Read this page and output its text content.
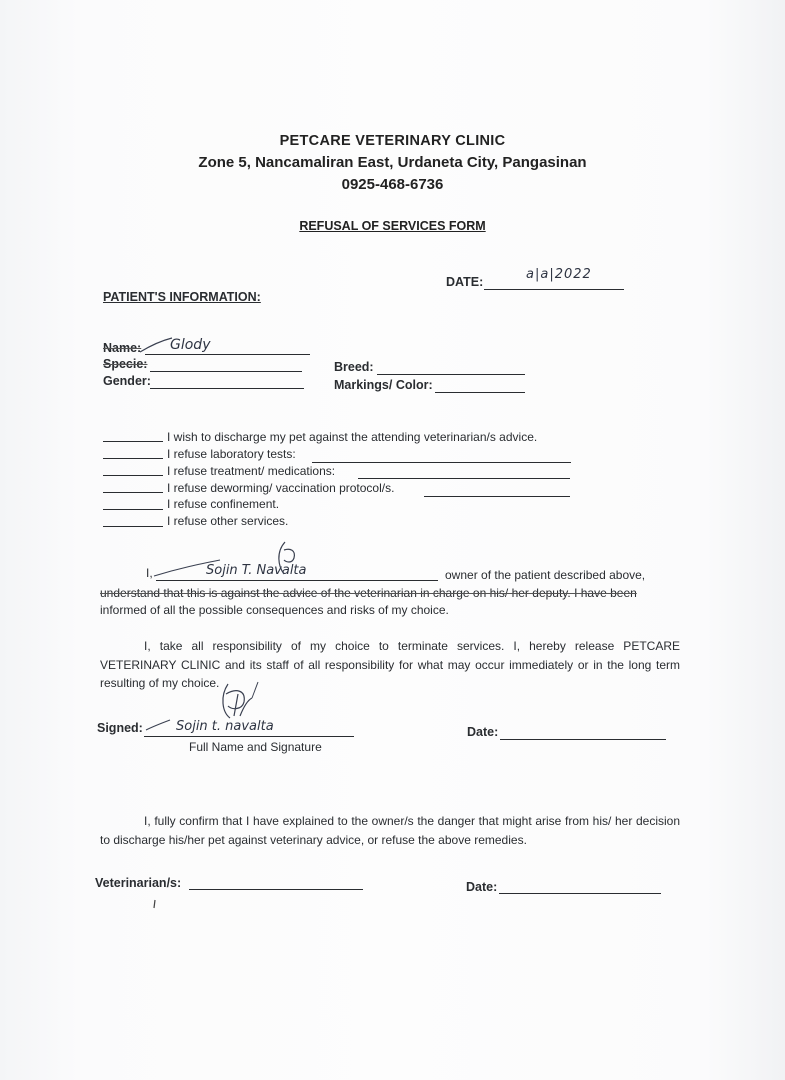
PETCARE VETERINARY CLINIC
Zone 5, Nancamaliran East, Urdaneta City, Pangasinan
0925-468-6736
REFUSAL OF SERVICES FORM
DATE:	a|a|2022
PATIENT'S INFORMATION:
Name: Glody
Specie:	Breed:
Gender:	Markings/ Color:
I wish to discharge my pet against the attending veterinarian/s advice.
I refuse laboratory tests:
I refuse treatment/ medications:
I refuse deworming/ vaccination protocol/s.
I refuse confinement.
I refuse other services.
I,	Sojin T. Navalta	owner of the patient described above,
understand that this is against the advice of the veterinarian in charge on his/ her deputy. I have been
informed of all the possible consequences and risks of my choice.
I, take all responsibility of my choice to terminate services. I, hereby release PETCARE VETERINARY CLINIC and its staff of all responsibility for what may occur immediately or in the long term resulting of my choice.
Signed:	Sojin t. navalta
Full Name and Signature
Date:
I, fully confirm that I have explained to the owner/s the danger that might arise from his/ her decision to discharge his/her pet against veterinary advice, or refuse the above remedies.
Veterinarian/s:	Date:
